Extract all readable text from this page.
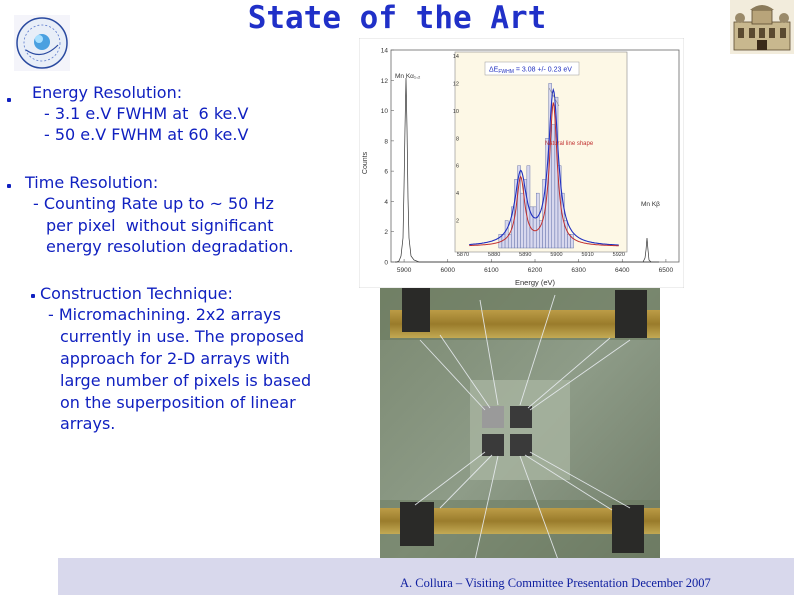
State of the Art
Energy Resolution:
- 3.1 e.V FWHM at  6 ke.V
- 50 e.V FWHM at 60 ke.V
Time Resolution:
- Counting Rate up to ~ 50 Hz
per pixel  without significant
energy resolution degradation.
Construction Technique:
- Micromachining. 2x2 arrays
currently in use. The proposed
approach for 2-D arrays with
large number of pixels is based
on the superposition of linear
arrays.
0
2
4
6
8
10
12
14
5900	6000	6100	6200	6300	6400	6500
Counts
Energy (eV)
Mn Kα₁,₂
Mn Kβ
2
4
6
8
10
12
14
5870	5880	5890	5900	5910	5920
$\Delta E_{FWHM} = 3.08$ +/- 0.23 eV
Natural line shape
A. Collura – Visiting Committee Presentation December 2007
